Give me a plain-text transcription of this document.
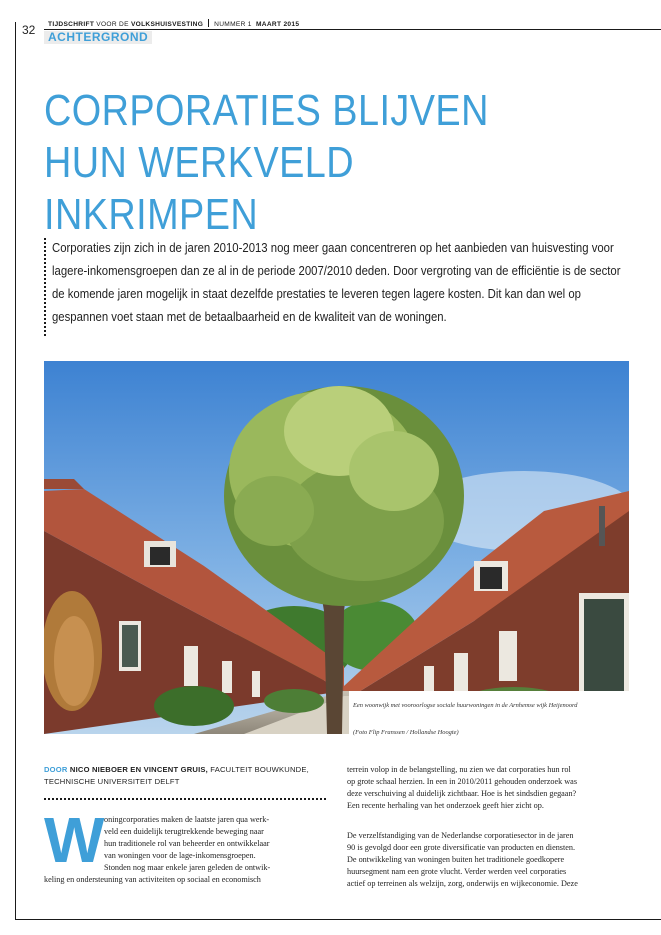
32 TIJDSCHRIFT VOOR DE VOLKSHUISVESTING NUMMER 1 MAART 2015
ACHTERGROND
CORPORATIES BLIJVEN HUN WERKVELD INKRIMPEN

Corporaties zijn zich in de jaren 2010-2013 nog meer gaan concentreren op het aanbieden van huisvesting voor lagere-inkomensgroepen dan ze al in de periode 2007/2010 deden. Door vergroting van de efficiëntie is de sector de komende jaren mogelijk in staat dezelfde prestaties te leveren tegen lagere kosten. Dit kan dan wel op gespannen voet staan met de betaalbaarheid en de kwaliteit van de woningen.

Een woonwijk met vooroorlogse sociale huurwoningen in de Arnhemse wijk Heijenoord
(Foto Flip Franssen / Hollandse Hoogte)
DOOR NICO NIEBOER EN VINCENT GRUIS, FACULTEIT BOUWKUNDE,
TECHNISCHE UNIVERSITEIT DELFT
W oningcorporaties maken de laatste jaren qua werk-
veld een duidelijk terugtrekkende beweging naar
hun traditionele rol van beheerder en ontwikkelaar
van woningen voor de lage-inkomensgroepen.
Stonden nog maar enkele jaren geleden de ontwik-
keling en ondersteuning van activiteiten op sociaal en economisch
terrein volop in de belangstelling, nu zien we dat corporaties hun rol
op grote schaal herzien. In een in 2010/2011 gehouden onderzoek was
deze verschuiving al duidelijk zichtbaar. Hoe is het sindsdien gegaan?
Een recente herhaling van het onderzoek geeft hier zicht op.
De verzelfstandiging van de Nederlandse corporatiesector in de jaren
90 is gevolgd door een grote diversificatie van producten en diensten.
De ontwikkeling van woningen buiten het traditionele goedkopere
huursegment nam een grote vlucht. Verder werden veel corporaties
actief op terreinen als welzijn, zorg, onderwijs en wijkeconomie. Deze
